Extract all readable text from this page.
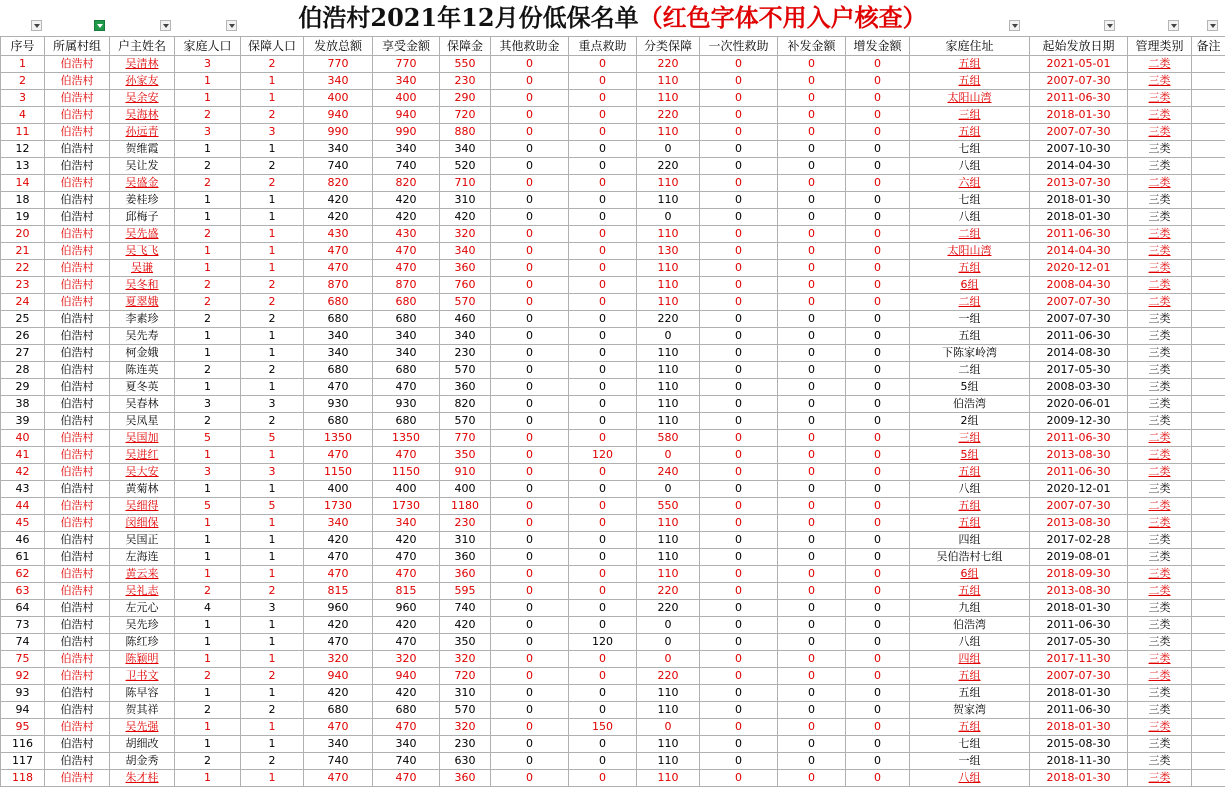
伯浩村2021年12月份低保名单（红色字体不用入户核查）
序号	所属村组	户主姓名	家庭人口	保障人口	发放总额	享受金额	保障金	其他救助金	重点救助	分类保障	一次性救助	补发金额	增发金额	家庭住址	起始发放日期	管理类别	备注
1	伯浩村	吴清林	3	2	770	770	550	0	0	220	0	0	0	五组	2021-05-01	二类	
2	伯浩村	孙家友	1	1	340	340	230	0	0	110	0	0	0	五组	2007-07-30	三类	
3	伯浩村	吴余安	1	1	400	400	290	0	0	110	0	0	0	太阳山湾	2011-06-30	三类	
4	伯浩村	吴海林	2	2	940	940	720	0	0	220	0	0	0	三组	2018-01-30	三类	
11	伯浩村	孙远青	3	3	990	990	880	0	0	110	0	0	0	五组	2007-07-30	三类	
12	伯浩村	贺维霞	1	1	340	340	340	0	0	0	0	0	0	七组	2007-10-30	三类	
13	伯浩村	吴让发	2	2	740	740	520	0	0	220	0	0	0	八组	2014-04-30	三类	
14	伯浩村	吴盛金	2	2	820	820	710	0	0	110	0	0	0	六组	2013-07-30	二类	
18	伯浩村	姜桂珍	1	1	420	420	310	0	0	110	0	0	0	七组	2018-01-30	三类	
19	伯浩村	邱梅子	1	1	420	420	420	0	0	0	0	0	0	八组	2018-01-30	三类	
20	伯浩村	吴先盛	2	1	430	430	320	0	0	110	0	0	0	二组	2011-06-30	三类	
21	伯浩村	吴飞飞	1	1	470	470	340	0	0	130	0	0	0	太阳山湾	2014-04-30	三类	
22	伯浩村	吴谦	1	1	470	470	360	0	0	110	0	0	0	五组	2020-12-01	三类	
23	伯浩村	吴冬和	2	2	870	870	760	0	0	110	0	0	0	6组	2008-04-30	二类	
24	伯浩村	夏翠娥	2	2	680	680	570	0	0	110	0	0	0	二组	2007-07-30	二类	
25	伯浩村	李素珍	2	2	680	680	460	0	0	220	0	0	0	一组	2007-07-30	三类	
26	伯浩村	吴先寿	1	1	340	340	340	0	0	0	0	0	0	五组	2011-06-30	三类	
27	伯浩村	柯金娥	1	1	340	340	230	0	0	110	0	0	0	下陈家岭湾	2014-08-30	三类	
28	伯浩村	陈连英	2	2	680	680	570	0	0	110	0	0	0	二组	2017-05-30	三类	
29	伯浩村	夏冬英	1	1	470	470	360	0	0	110	0	0	0	5组	2008-03-30	三类	
38	伯浩村	吴春林	3	3	930	930	820	0	0	110	0	0	0	伯浩湾	2020-06-01	三类	
39	伯浩村	吴凤星	2	2	680	680	570	0	0	110	0	0	0	2组	2009-12-30	三类	
40	伯浩村	吴国加	5	5	1350	1350	770	0	0	580	0	0	0	三组	2011-06-30	二类	
41	伯浩村	吴进红	1	1	470	470	350	0	120	0	0	0	0	5组	2013-08-30	三类	
42	伯浩村	吴大安	3	3	1150	1150	910	0	0	240	0	0	0	五组	2011-06-30	二类	
43	伯浩村	黄菊林	1	1	400	400	400	0	0	0	0	0	0	八组	2020-12-01	三类	
44	伯浩村	吴细得	5	5	1730	1730	1180	0	0	550	0	0	0	五组	2007-07-30	二类	
45	伯浩村	闵细保	1	1	340	340	230	0	0	110	0	0	0	五组	2013-08-30	三类	
46	伯浩村	吴国正	1	1	420	420	310	0	0	110	0	0	0	四组	2017-02-28	三类	
61	伯浩村	左海连	1	1	470	470	360	0	0	110	0	0	0	吴伯浩村七组	2019-08-01	三类	
62	伯浩村	黄云来	1	1	470	470	360	0	0	110	0	0	0	6组	2018-09-30	三类	
63	伯浩村	吴礼志	2	2	815	815	595	0	0	220	0	0	0	五组	2013-08-30	二类	
64	伯浩村	左元心	4	3	960	960	740	0	0	220	0	0	0	九组	2018-01-30	三类	
73	伯浩村	吴先珍	1	1	420	420	420	0	0	0	0	0	0	伯浩湾	2011-06-30	三类	
74	伯浩村	陈红珍	1	1	470	470	350	0	120	0	0	0	0	八组	2017-05-30	三类	
75	伯浩村	陈颖明	1	1	320	320	320	0	0	0	0	0	0	四组	2017-11-30	三类	
92	伯浩村	卫书文	2	2	940	940	720	0	0	220	0	0	0	五组	2007-07-30	二类	
93	伯浩村	陈早容	1	1	420	420	310	0	0	110	0	0	0	五组	2018-01-30	三类	
94	伯浩村	贺其祥	2	2	680	680	570	0	0	110	0	0	0	贺家湾	2011-06-30	三类	
95	伯浩村	吴先强	1	1	470	470	320	0	150	0	0	0	0	五组	2018-01-30	三类	
116	伯浩村	胡细改	1	1	340	340	230	0	0	110	0	0	0	七组	2015-08-30	三类	
117	伯浩村	胡金秀	2	2	740	740	630	0	0	110	0	0	0	一组	2018-11-30	三类	
118	伯浩村	朱才桂	1	1	470	470	360	0	0	110	0	0	0	八组	2018-01-30	三类	
